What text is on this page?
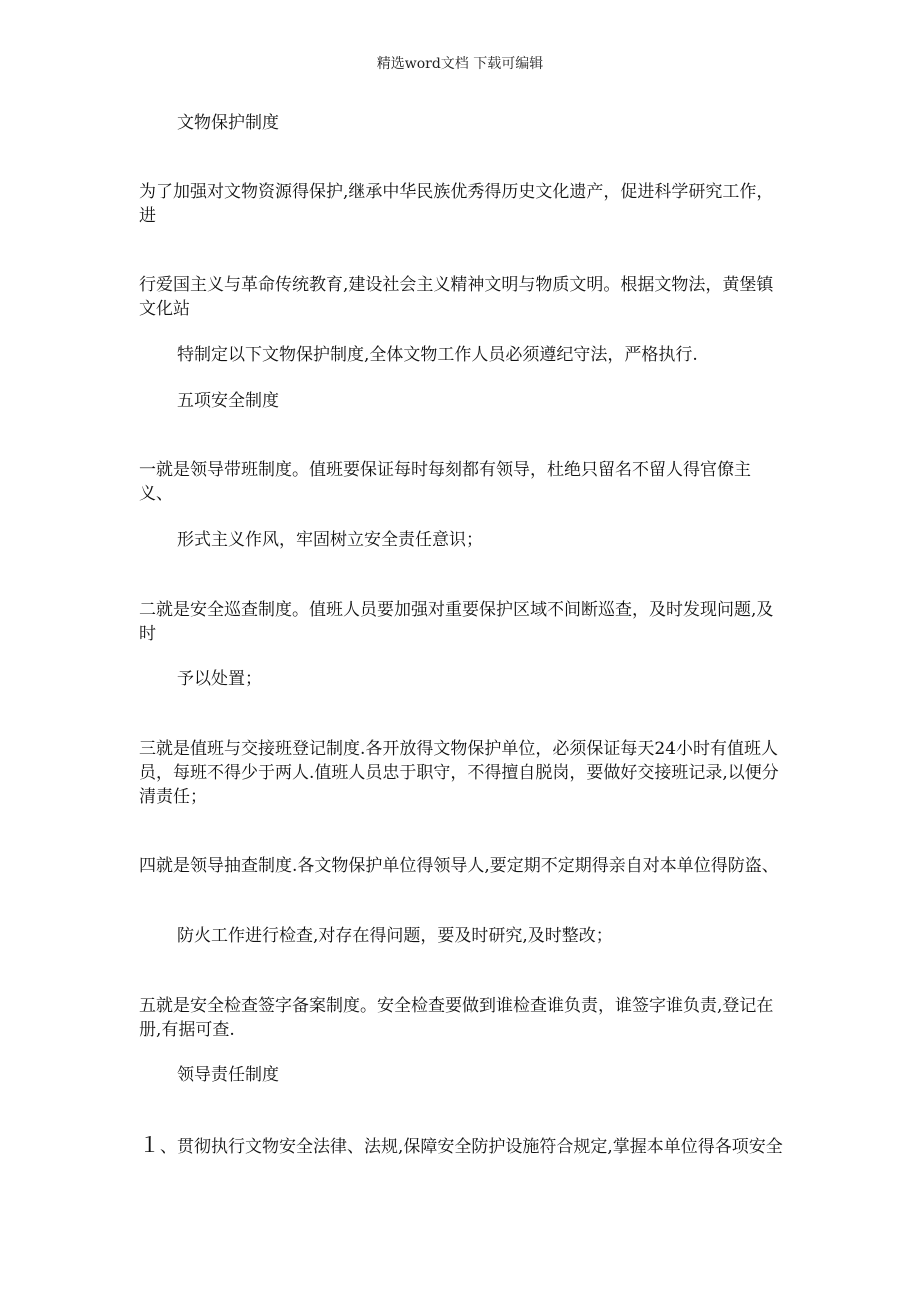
精选word文档 下载可编辑

文物保护制度

为了加强对文物资源得保护,继承中华民族优秀得历史文化遗产，促进科学研究工作，进

行爱国主义与革命传统教育,建设社会主义精神文明与物质文明。根据文物法，黄堡镇文化站

特制定以下文物保护制度,全体文物工作人员必须遵纪守法，严格执行.

五项安全制度

一就是领导带班制度。值班要保证每时每刻都有领导，杜绝只留名不留人得官僚主义、

形式主义作风，牢固树立安全责任意识；

二就是安全巡查制度。值班人员要加强对重要保护区域不间断巡查，及时发现问题,及时

予以处置；

三就是值班与交接班登记制度.各开放得文物保护单位，必须保证每天24小时有值班人员，每班不得少于两人.值班人员忠于职守，不得擅自脱岗，要做好交接班记录,以便分清责任；

四就是领导抽查制度.各文物保护单位得领导人,要定期不定期得亲自对本单位得防盗、

防火工作进行检查,对存在得问题，要及时研究,及时整改；

五就是安全检查签字备案制度。安全检查要做到谁检查谁负责，谁签字谁负责,登记在册,有据可查.

领导责任制度

１、贯彻执行文物安全法律、法规,保障安全防护设施符合规定,掌握本单位得各项安全
